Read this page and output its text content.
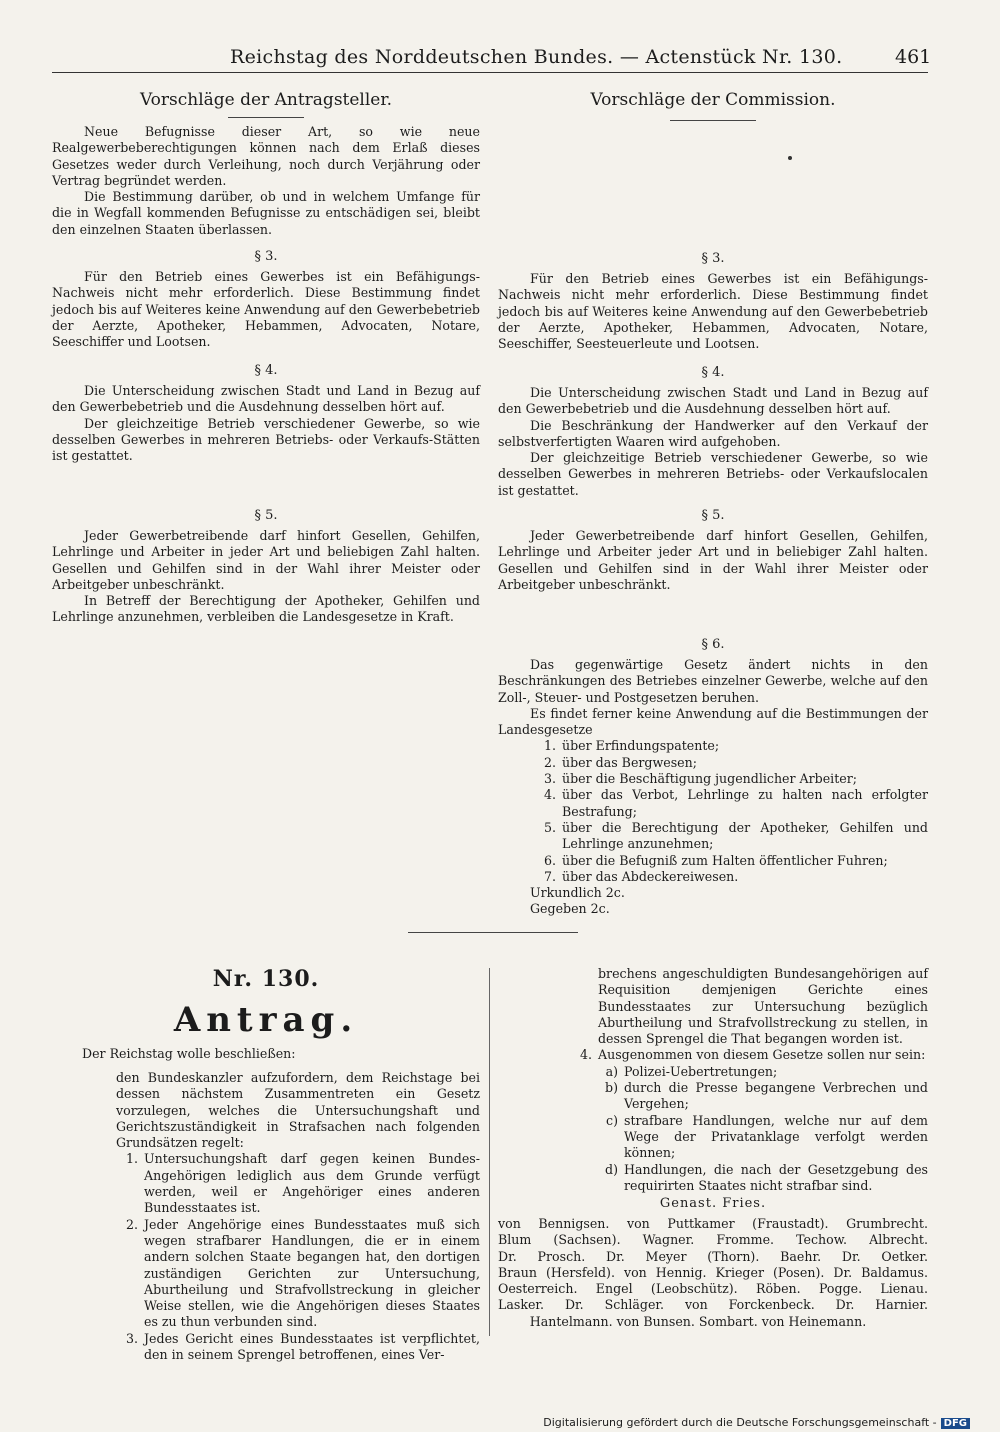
Reichstag des Norddeutschen Bundes. — Actenstück Nr. 130.	461
Vorschläge der Antragsteller.

Neue Befugnisse dieser Art, so wie neue Realgewerbeberechtigungen können nach dem Erlaß dieses Gesetzes weder durch Verleihung, noch durch Verjährung oder Vertrag begründet werden.

Die Bestimmung darüber, ob und in welchem Umfange für die in Wegfall kommenden Befugnisse zu entschädigen sei, bleibt den einzelnen Staaten überlassen.

§ 3.

Für den Betrieb eines Gewerbes ist ein Befähigungs-Nachweis nicht mehr erforderlich. Diese Bestimmung findet jedoch bis auf Weiteres keine Anwendung auf den Gewerbebetrieb der Aerzte, Apotheker, Hebammen, Advocaten, Notare, Seeschiffer und Lootsen.

§ 4.

Die Unterscheidung zwischen Stadt und Land in Bezug auf den Gewerbebetrieb und die Ausdehnung desselben hört auf.

Der gleichzeitige Betrieb verschiedener Gewerbe, so wie desselben Gewerbes in mehreren Betriebs- oder Verkaufs-Stätten ist gestattet.

§ 5.

Jeder Gewerbetreibende darf hinfort Gesellen, Gehilfen, Lehrlinge und Arbeiter in jeder Art und beliebigen Zahl halten. Gesellen und Gehilfen sind in der Wahl ihrer Meister oder Arbeitgeber unbeschränkt.

In Betreff der Berechtigung der Apotheker, Gehilfen und Lehrlinge anzunehmen, verbleiben die Landesgesetze in Kraft.

Vorschläge der Commission.
§ 3.

Für den Betrieb eines Gewerbes ist ein Befähigungs-Nachweis nicht mehr erforderlich. Diese Bestimmung findet jedoch bis auf Weiteres keine Anwendung auf den Gewerbebetrieb der Aerzte, Apotheker, Hebammen, Advocaten, Notare, Seeschiffer, Seesteuerleute und Lootsen.

§ 4.

Die Unterscheidung zwischen Stadt und Land in Bezug auf den Gewerbebetrieb und die Ausdehnung desselben hört auf.

Die Beschränkung der Handwerker auf den Verkauf der selbstverfertigten Waaren wird aufgehoben.

Der gleichzeitige Betrieb verschiedener Gewerbe, so wie desselben Gewerbes in mehreren Betriebs- oder Verkaufslocalen ist gestattet.

§ 5.

Jeder Gewerbetreibende darf hinfort Gesellen, Gehilfen, Lehrlinge und Arbeiter jeder Art und in beliebiger Zahl halten. Gesellen und Gehilfen sind in der Wahl ihrer Meister oder Arbeitgeber unbeschränkt.

§ 6.

Das gegenwärtige Gesetz ändert nichts in den Beschränkungen des Betriebes einzelner Gewerbe, welche auf den Zoll-, Steuer- und Postgesetzen beruhen.

Es findet ferner keine Anwendung auf die Bestimmungen der Landesgesetze

1. über Erfindungspatente;
2. über das Bergwesen;
3. über die Beschäftigung jugendlicher Arbeiter;
4. über das Verbot, Lehrlinge zu halten nach erfolgter Bestrafung;
5. über die Berechtigung der Apotheker, Gehilfen und Lehrlinge anzunehmen;
6. über die Befugniß zum Halten öffentlicher Fuhren;
7. über das Abdeckereiwesen.

Urkundlich 2c.

Gegeben 2c.

Nr. 130.
Antrag.
Der Reichstag wolle beschließen:

den Bundeskanzler aufzufordern, dem Reichstage bei dessen nächstem Zusammentreten ein Gesetz vorzulegen, welches die Untersuchungshaft und Gerichtszuständigkeit in Strafsachen nach folgenden Grundsätzen regelt:

1. Untersuchungshaft darf gegen keinen Bundes-Angehörigen lediglich aus dem Grunde verfügt werden, weil er Angehöriger eines anderen Bundesstaates ist.
2. Jeder Angehörige eines Bundesstaates muß sich wegen strafbarer Handlungen, die er in einem andern solchen Staate begangen hat, den dortigen zuständigen Gerichten zur Untersuchung, Aburtheilung und Strafvollstreckung in gleicher Weise stellen, wie die Angehörigen dieses Staates es zu thun verbunden sind.
3. Jedes Gericht eines Bundesstaates ist verpflichtet, den in seinem Sprengel betroffenen, eines Ver-

brechens angeschuldigten Bundesangehörigen auf Requisition demjenigen Gerichte eines Bundesstaates zur Untersuchung bezüglich Aburtheilung und Strafvollstreckung zu stellen, in dessen Sprengel die That begangen worden ist.

4. Ausgenommen von diesem Gesetze sollen nur sein:
a) Polizei-Uebertretungen;
b) durch die Presse begangene Verbrechen und Vergehen;
c) strafbare Handlungen, welche nur auf dem Wege der Privatanklage verfolgt werden können;
d) Handlungen, die nach der Gesetzgebung des requirirten Staates nicht strafbar sind.
Genast. Fries.
von Bennigsen. von Puttkamer (Fraustadt). Grumbrecht.
Blum (Sachsen). Wagner. Fromme. Techow. Albrecht.
Dr. Prosch. Dr. Meyer (Thorn). Baehr. Dr. Oetker.
Braun (Hersfeld). von Hennig. Krieger (Posen). Dr. Baldamus.
Oesterreich. Engel (Leobschütz). Röben. Pogge. Lienau.
Lasker. Dr. Schläger. von Forckenbeck. Dr. Harnier.
Hantelmann. von Bunsen. Sombart. von Heinemann.
Digitalisierung gefördert durch die Deutsche Forschungsgemeinschaft - DFG
